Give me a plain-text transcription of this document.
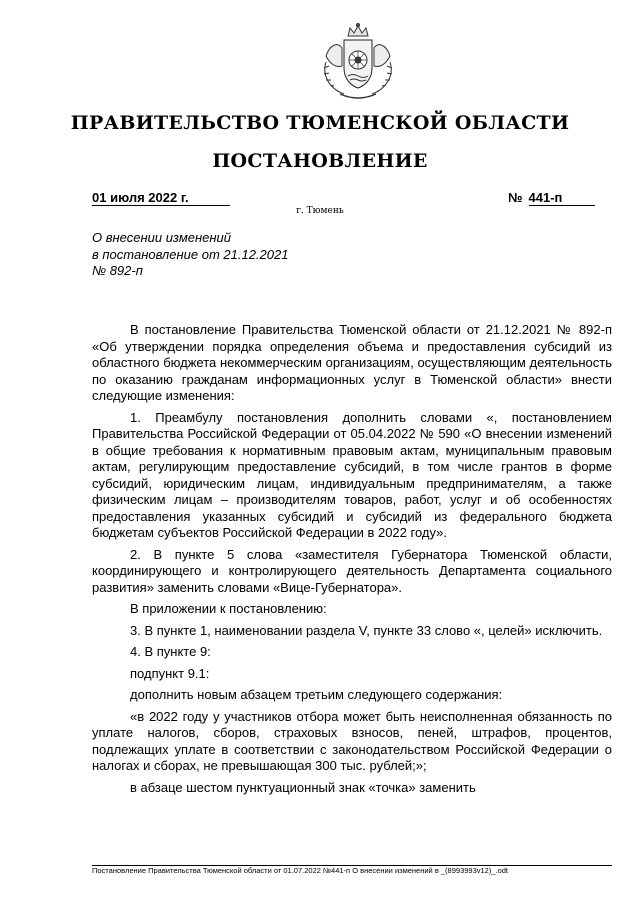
ПРАВИТЕЛЬСТВО ТЮМЕНСКОЙ ОБЛАСТИ
ПОСТАНОВЛЕНИЕ
01 июля 2022 г.	№ 441-п
г. Тюмень
О внесении изменений
в постановление от 21.12.2021
№ 892-п

В постановление Правительства Тюменской области от 21.12.2021 № 892-п «Об утверждении порядка определения объема и предоставления субсидий из областного бюджета некоммерческим организациям, осуществляющим деятельность по оказанию гражданам информационных услуг в Тюменской области» внести следующие изменения:

1. Преамбулу постановления дополнить словами «, постановлением Правительства Российской Федерации от 05.04.2022 № 590 «О внесении изменений в общие требования к нормативным правовым актам, муниципальным правовым актам, регулирующим предоставление субсидий, в том числе грантов в форме субсидий, юридическим лицам, индивидуальным предпринимателям, а также физическим лицам – производителям товаров, работ, услуг и об особенностях предоставления указанных субсидий и субсидий из федерального бюджета бюджетам субъектов Российской Федерации в 2022 году».

2. В пункте 5 слова «заместителя Губернатора Тюменской области, координирующего и контролирующего деятельность Департамента социального развития» заменить словами «Вице-Губернатора».

В приложении к постановлению:

3. В пункте 1, наименовании раздела V, пункте 33 слово «, целей» исключить.

4. В пункте 9:

подпункт 9.1:

дополнить новым абзацем третьим следующего содержания:

«в 2022 году у участников отбора может быть неисполненная обязанность по уплате налогов, сборов, страховых взносов, пеней, штрафов, процентов, подлежащих уплате в соответствии с законодательством Российской Федерации о налогах и сборах, не превышающая 300 тыс. рублей;»;

в абзаце шестом пунктуационный знак «точка» заменить

Постановление Правительства Тюменской области от 01.07.2022 №441-п О внесении изменений в _(8993993v12)_.odt
